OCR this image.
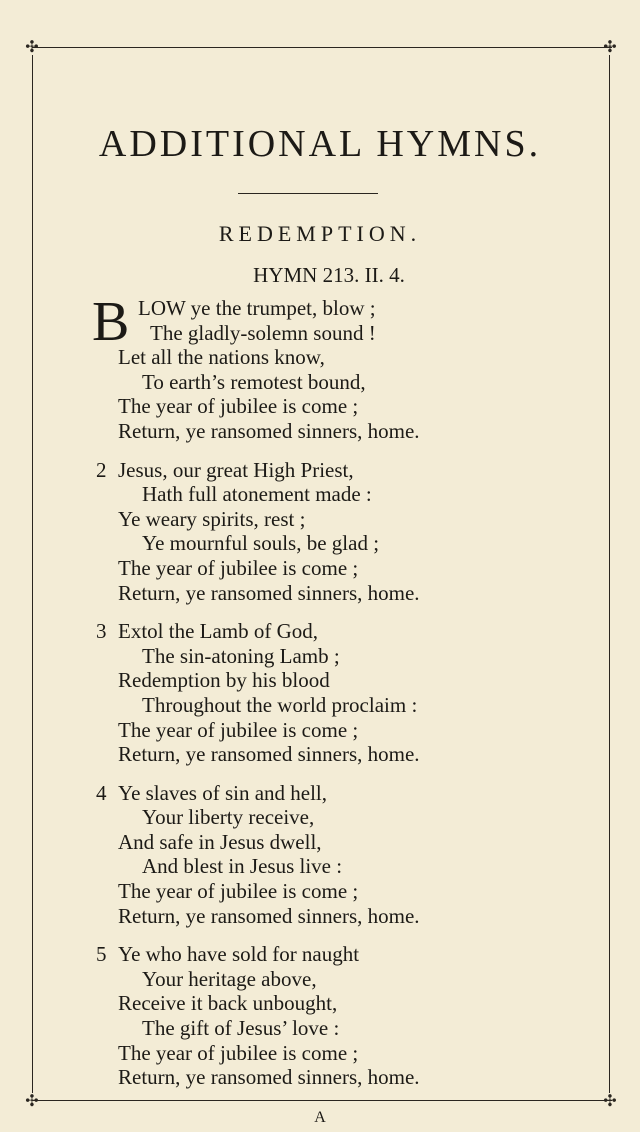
✣	✣
✣	✣
ADDITIONAL HYMNS.
REDEMPTION.
HYMN 213. II. 4.
B LOW ye the trumpet, blow ;
The gladly-solemn sound !
Let all the nations know,
To earth’s remotest bound,
The year of jubilee is come ;
Return, ye ransomed sinners, home.
2 Jesus, our great High Priest,
Hath full atonement made :
Ye weary spirits, rest ;
Ye mournful souls, be glad ;
The year of jubilee is come ;
Return, ye ransomed sinners, home.
3 Extol the Lamb of God,
The sin-atoning Lamb ;
Redemption by his blood
Throughout the world proclaim :
The year of jubilee is come ;
Return, ye ransomed sinners, home.
4 Ye slaves of sin and hell,
Your liberty receive,
And safe in Jesus dwell,
And blest in Jesus live :
The year of jubilee is come ;
Return, ye ransomed sinners, home.
5 Ye who have sold for naught
Your heritage above,
Receive it back unbought,
The gift of Jesus’ love :
The year of jubilee is come ;
Return, ye ransomed sinners, home.
A
